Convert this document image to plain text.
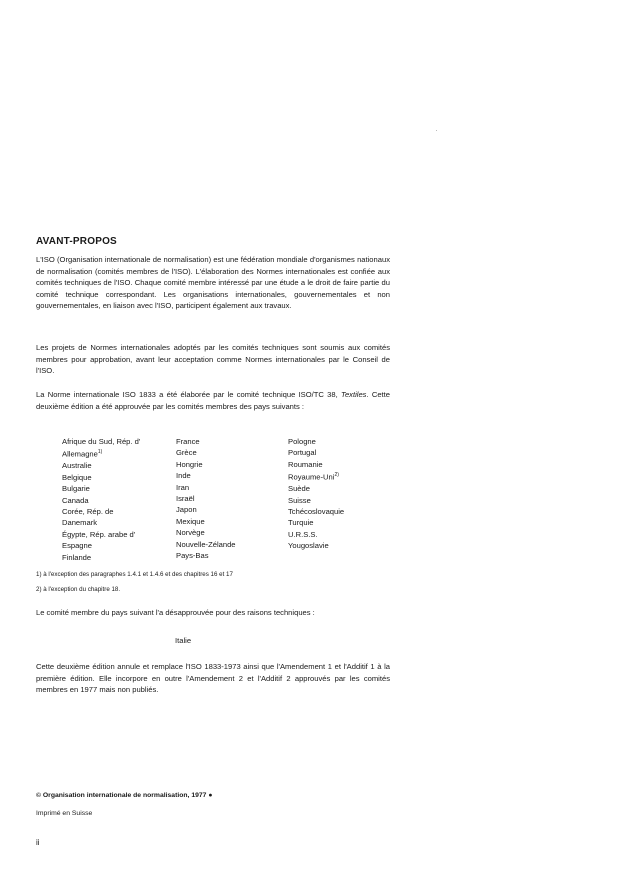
AVANT-PROPOS

L'ISO (Organisation internationale de normalisation) est une fédération mondiale d'organismes nationaux de normalisation (comités membres de l'ISO). L'élaboration des Normes internationales est confiée aux comités techniques de l'ISO. Chaque comité membre intéressé par une étude a le droit de faire partie du comité technique correspondant. Les organisations internationales, gouvernementales et non gouvernementales, en liaison avec l'ISO, participent également aux travaux.

Les projets de Normes internationales adoptés par les comités techniques sont soumis aux comités membres pour approbation, avant leur acceptation comme Normes internationales par le Conseil de l'ISO.

La Norme internationale ISO 1833 a été élaborée par le comité technique ISO/TC 38, Textiles. Cette deuxième édition a été approuvée par les comités membres des pays suivants :

Afrique du Sud, Rép. d'
Allemagne$^{1)}$
Australie
Belgique
Bulgarie
Canada
Corée, Rép. de
Danemark
Égypte, Rép. arabe d'
Espagne
Finlande
France
Grèce
Hongrie
Inde
Iran
Israël
Japon
Mexique
Norvège
Nouvelle-Zélande
Pays-Bas
Pologne
Portugal
Roumanie
Royaume-Uni$^{2)}$
Suède
Suisse
Tchécoslovaquie
Turquie
U.R.S.S.
Yougoslavie

1) à l'exception des paragraphes 1.4.1 et 1.4.6 et des chapitres 16 et 17

2) à l'exception du chapitre 18.

Le comité membre du pays suivant l'a désapprouvée pour des raisons techniques :

Italie

Cette deuxième édition annule et remplace l'ISO 1833-1973 ainsi que l'Amendement 1 et l'Additif 1 à la première édition. Elle incorpore en outre l'Amendement 2 et l'Additif 2 approuvés par les comités membres en 1977 mais non publiés.

© Organisation internationale de normalisation, 1977 ●

Imprimé en Suisse

ii
